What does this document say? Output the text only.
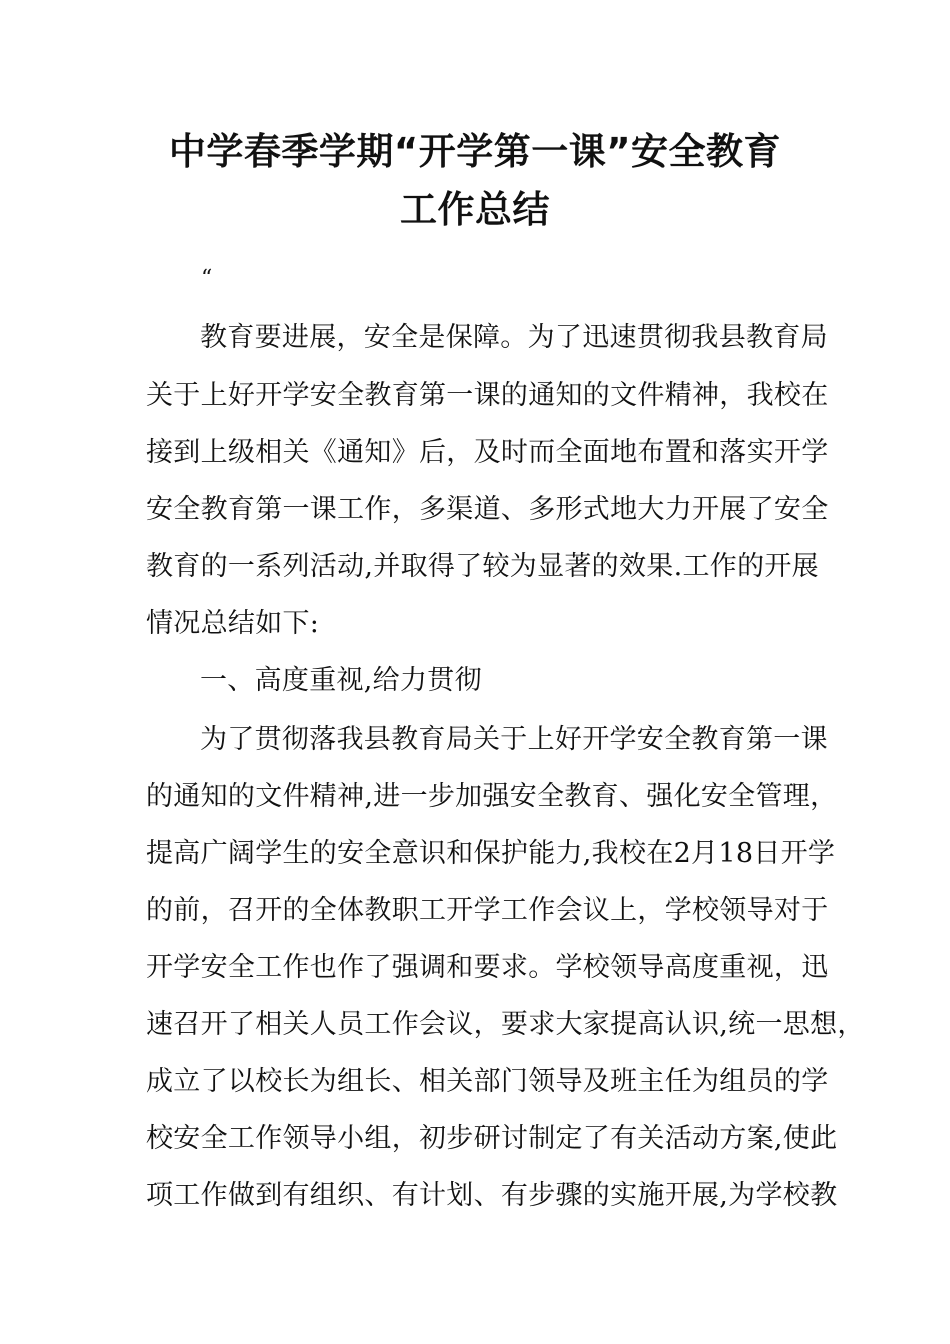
中学春季学期“开学第一课”安全教育
工作总结
“
教育要进展，安全是保障。为了迅速贯彻我县教育局
关于上好开学安全教育第一课的通知的文件精神，我校在
接到上级相关《通知》后，及时而全面地布置和落实开学
安全教育第一课工作，多渠道、多形式地大力开展了安全
教育的一系列活动,并取得了较为显著的效果.工作的开展
情况总结如下:
一、高度重视,给力贯彻
为了贯彻落我县教育局关于上好开学安全教育第一课
的通知的文件精神,进一步加强安全教育、强化安全管理，
提高广阔学生的安全意识和保护能力,我校在2月18日开学
的前，召开的全体教职工开学工作会议上，学校领导对于
开学安全工作也作了强调和要求。学校领导高度重视，迅
速召开了相关人员工作会议，要求大家提高认识,统一思想，
成立了以校长为组长、相关部门领导及班主任为组员的学
校安全工作领导小组，初步研讨制定了有关活动方案,使此
项工作做到有组织、有计划、有步骤的实施开展,为学校教
